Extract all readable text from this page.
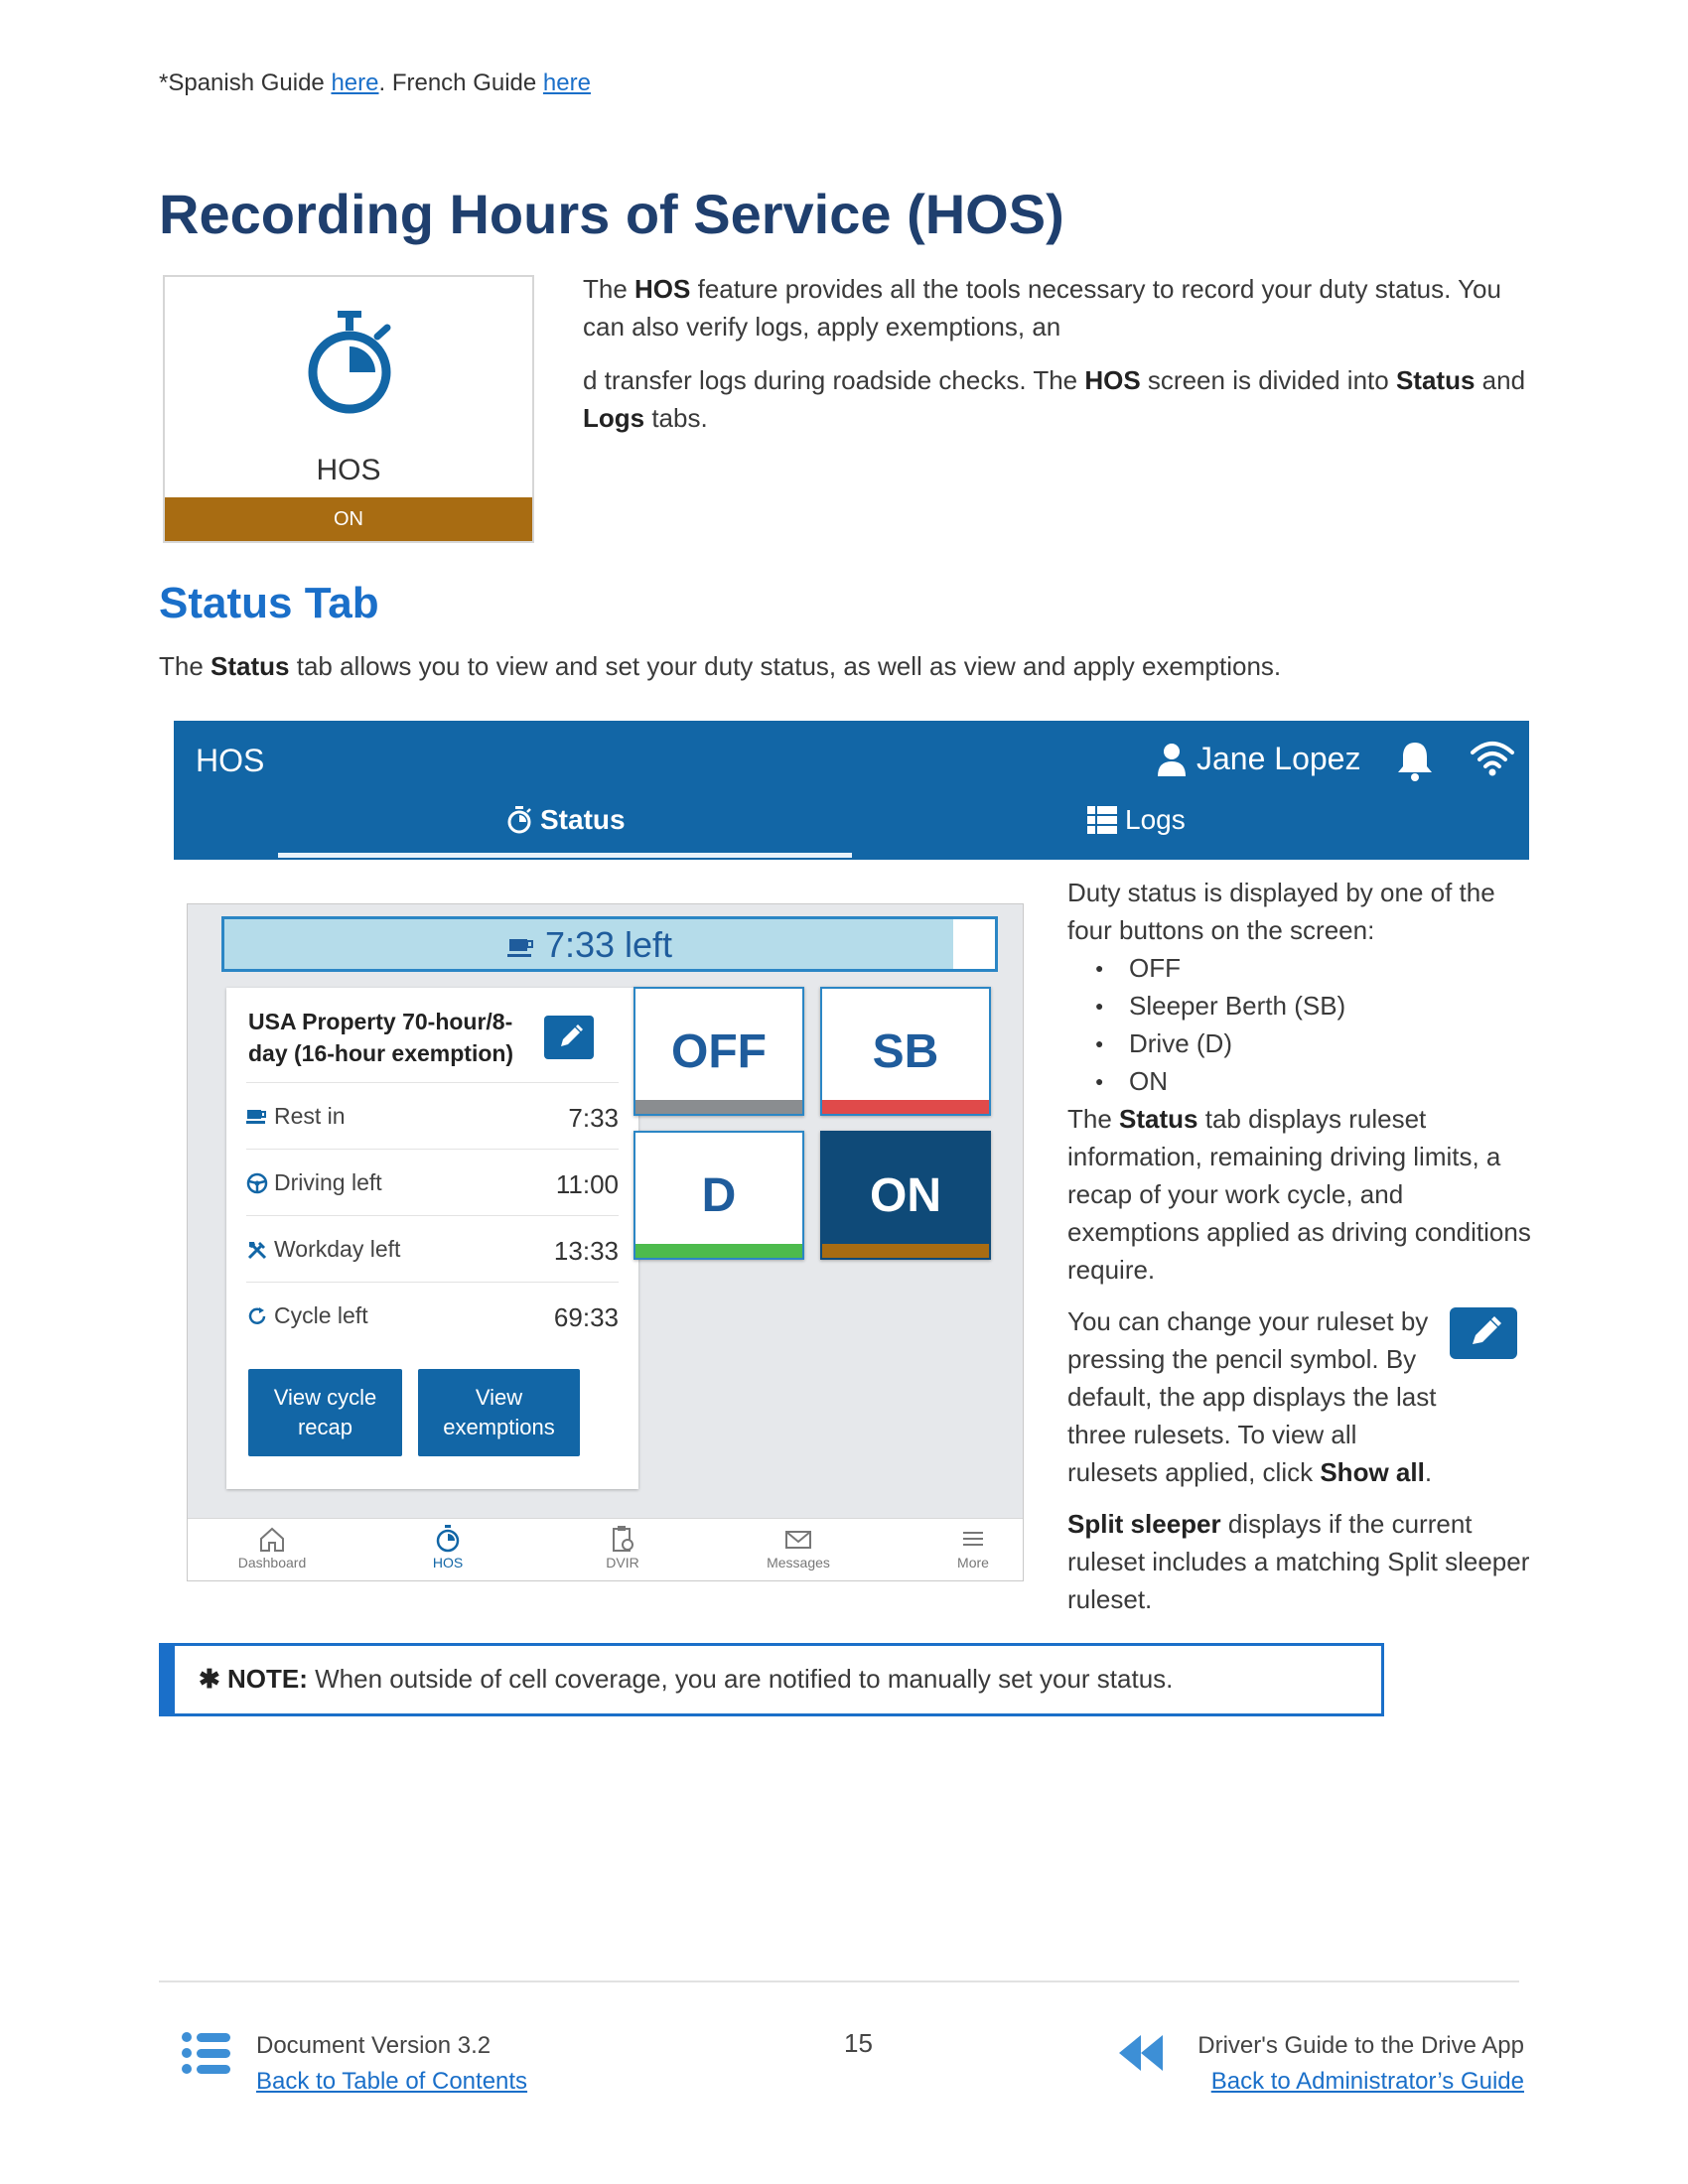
*Spanish Guide here. French Guide here
Recording Hours of Service (HOS)
HOS
ON

The HOS feature provides all the tools necessary to record your duty status. You can also verify logs, apply exemptions, an

d transfer logs during roadside checks. The HOS screen is divided into Status and Logs tabs.

Status Tab
The Status tab allows you to view and set your duty status, as well as view and apply exemptions.
HOS	Jane Lopez
Status	Logs
7:33 left
USA Property 70-hour/8-day (16-hour exemption)
Rest in	7:33
Driving left	11:00
Workday left	13:33
Cycle left	69:33
View cycle recap
View exemptions
OFF	SB
D	ON
Dashboard	HOS	DVIR	Messages	More

Duty status is displayed by one of the four buttons on the screen:

● OFF
● Sleeper Berth (SB)
● Drive (D)
● ON

The Status tab displays ruleset information, remaining driving limits, a recap of your work cycle, and exemptions applied as driving conditions require.

You can change your ruleset by pressing the pencil symbol. By default, the app displays the last three rulesets. To view all rulesets applied, click Show all.

Split sleeper displays if the current ruleset includes a matching Split sleeper ruleset.

✱ NOTE: When outside of cell coverage, you are notified to manually set your status.
Document Version 3.2
Back to Table of Contents
15	Driver's Guide to the Drive App
Back to Administrator’s Guide
